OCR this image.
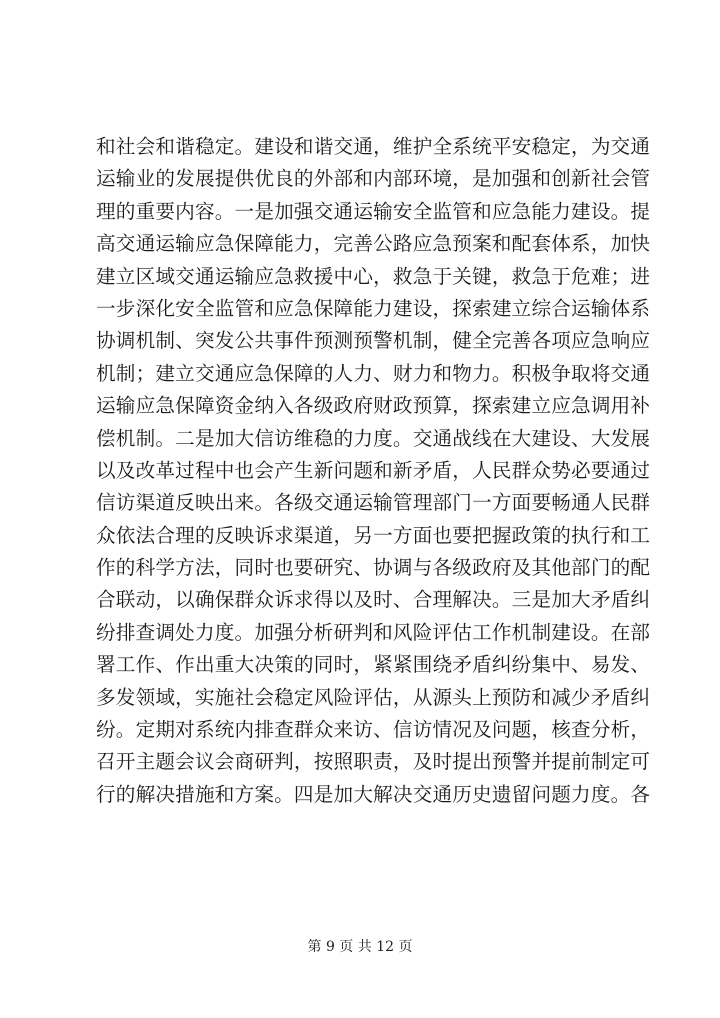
和社会和谐稳定。建设和谐交通，维护全系统平安稳定，为交通
运输业的发展提供优良的外部和内部环境，是加强和创新社会管
理的重要内容。一是加强交通运输安全监管和应急能力建设。提
高交通运输应急保障能力，完善公路应急预案和配套体系，加快
建立区域交通运输应急救援中心，救急于关键，救急于危难；进
一步深化安全监管和应急保障能力建设，探索建立综合运输体系
协调机制、突发公共事件预测预警机制，健全完善各项应急响应
机制；建立交通应急保障的人力、财力和物力。积极争取将交通
运输应急保障资金纳入各级政府财政预算，探索建立应急调用补
偿机制。二是加大信访维稳的力度。交通战线在大建设、大发展
以及改革过程中也会产生新问题和新矛盾，人民群众势必要通过
信访渠道反映出来。各级交通运输管理部门一方面要畅通人民群
众依法合理的反映诉求渠道，另一方面也要把握政策的执行和工
作的科学方法，同时也要研究、协调与各级政府及其他部门的配
合联动，以确保群众诉求得以及时、合理解决。三是加大矛盾纠
纷排查调处力度。加强分析研判和风险评估工作机制建设。在部
署工作、作出重大决策的同时，紧紧围绕矛盾纠纷集中、易发、
多发领域，实施社会稳定风险评估，从源头上预防和减少矛盾纠
纷。定期对系统内排查群众来访、信访情况及问题，核查分析，
召开主题会议会商研判，按照职责，及时提出预警并提前制定可
行的解决措施和方案。四是加大解决交通历史遗留问题力度。各
第 9 页 共 12 页
